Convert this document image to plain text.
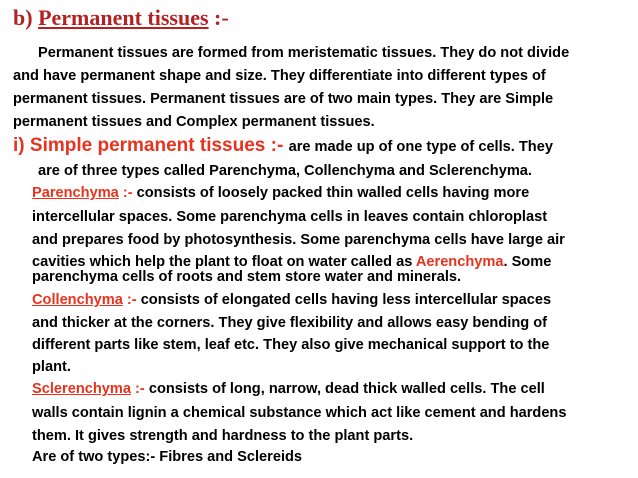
b) Permanent tissues :-
Permanent tissues are formed from meristematic tissues. They do not divide
and have permanent shape and size. They differentiate into different types of
permanent tissues. Permanent tissues are of two main types. They are Simple
permanent tissues and Complex permanent tissues.
i) Simple permanent tissues :- are made up of one type of cells. They
are of three types called Parenchyma, Collenchyma and Sclerenchyma.
Parenchyma :- consists of loosely packed thin walled cells having more
intercellular spaces. Some parenchyma cells in leaves contain chloroplast
and prepares food by photosynthesis. Some parenchyma cells have large air
cavities which help the plant to float on water called as Aerenchyma. Some
parenchyma cells of roots and stem store water and minerals.
Collenchyma :- consists of elongated cells having less intercellular spaces
and thicker at the corners. They give flexibility and allows easy bending of
different parts like stem, leaf etc. They also give mechanical support to the
plant.
Sclerenchyma :- consists of long, narrow, dead thick walled cells. The cell
walls contain lignin a chemical substance which act like cement and hardens
them. It gives strength and hardness to the plant parts.
Are of two types:- Fibres and Sclereids
